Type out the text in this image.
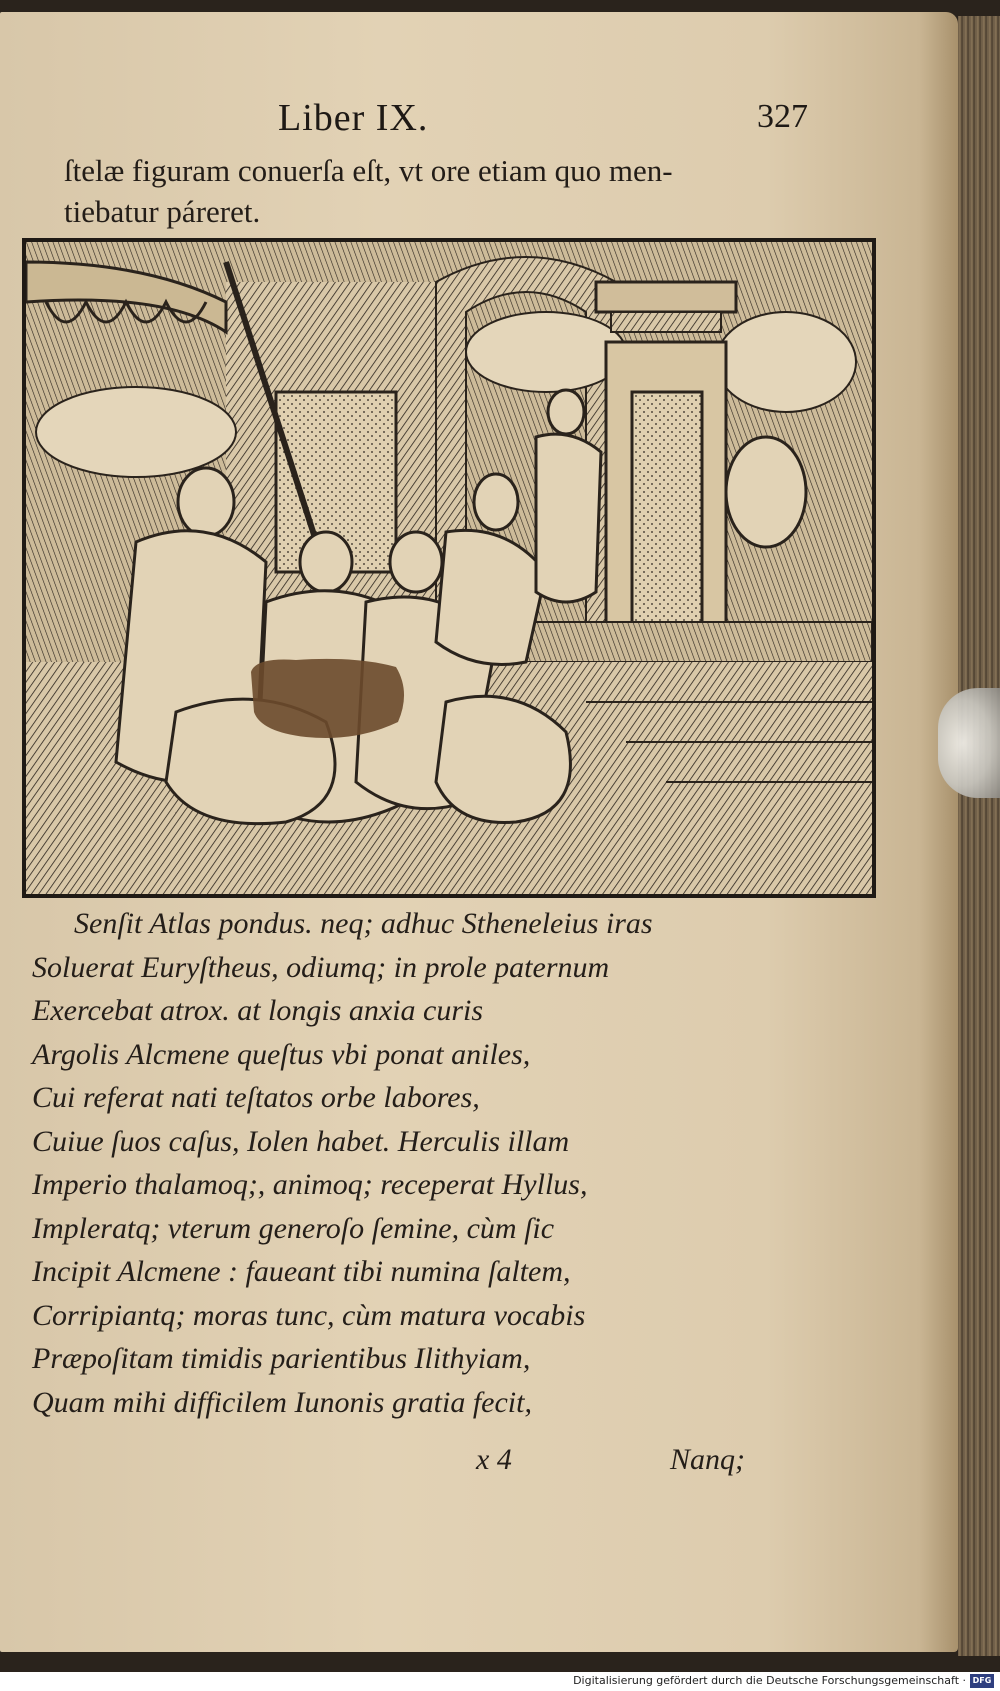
Liber IX.	327
ſtelæ figuram conuerſa eſt, vt ore etiam quo men-
tiebatur páreret.
Senſit Atlas pondus. neq; adhuc Stheneleius iras
Soluerat Euryſtheus, odiumq; in prole paternum
Exercebat atrox. at longis anxia curis
Argolis Alcmene queſtus vbi ponat aniles,
Cui referat nati teſtatos orbe labores,
Cuiue ſuos caſus, Iolen habet. Herculis illam
Imperio thalamoq;, animoq; receperat Hyllus,
Impleratq; vterum generoſo ſemine, cùm ſic
Incipit Alcmene : faueant tibi numina ſaltem,
Corripiantq; moras tunc, cùm matura vocabis
Præpoſitam timidis parientibus Ilithyiam,
Quam mihi difficilem Iunonis gratia fecit,
x 4	Nanq;
Digitalisierung gefördert durch die Deutsche Forschungsgemeinschaft · DFG
